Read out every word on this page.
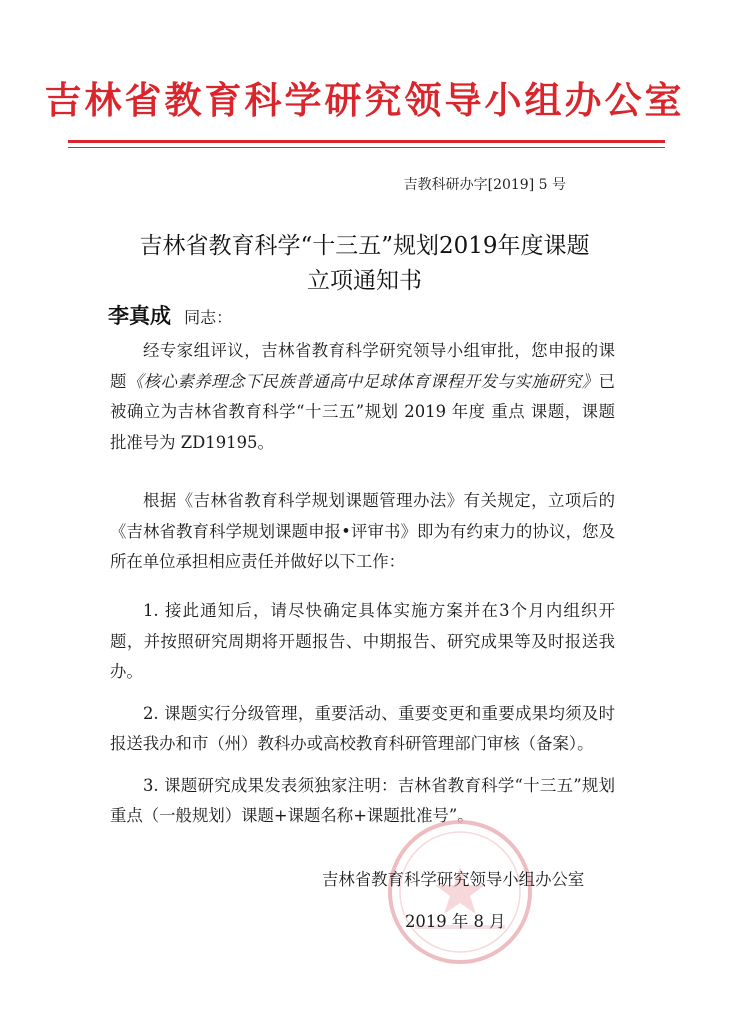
吉林省教育科学研究领导小组办公室
吉教科研办字[2019] 5 号
吉林省教育科学“十三五”规划2019年度课题
立项通知书
李真成 同志：
经专家组评议，吉林省教育科学研究领导小组审批，您申报的课题《核心素养理念下民族普通高中足球体育课程开发与实施研究》已被确立为吉林省教育科学“十三五”规划 2019 年度 重点 课题，课题批准号为 ZD19195。
根据《吉林省教育科学规划课题管理办法》有关规定，立项后的《吉林省教育科学规划课题申报•评审书》即为有约束力的协议，您及所在单位承担相应责任并做好以下工作：

1. 接此通知后，请尽快确定具体实施方案并在3个月内组织开题，并按照研究周期将开题报告、中期报告、研究成果等及时报送我办。

2. 课题实行分级管理，重要活动、重要变更和重要成果均须及时报送我办和市（州）教科办或高校教育科研管理部门审核（备案）。

3. 课题研究成果发表须独家注明：吉林省教育科学“十三五”规划重点（一般规划）课题+课题名称+课题批准号”。

吉林省教育科学研究领导小组办公室
2019 年 8 月
